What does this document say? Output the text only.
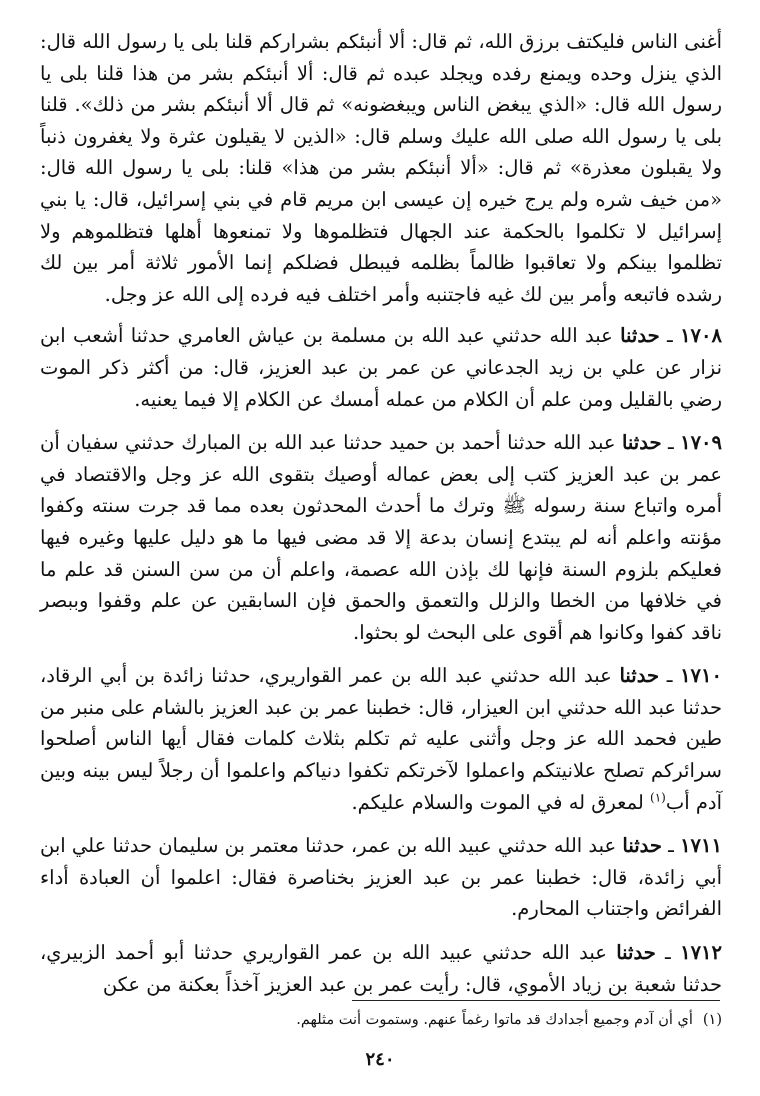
أغنى الناس فليكتف برزق الله، ثم قال: ألا أنبئكم بشراركم قلنا بلى يا رسول الله قال: الذي ينزل وحده ويمنع رفده ويجلد عبده ثم قال: ألا أنبئكم بشر من هذا قلنا بلى يا رسول الله قال: «الذي يبغض الناس ويبغضونه» ثم قال ألا أنبئكم بشر من ذلك». قلنا بلى يا رسول الله صلى الله عليك وسلم قال: «الذين لا يقيلون عثرة ولا يغفرون ذنباً ولا يقبلون معذرة» ثم قال: «ألا أنبئكم بشر من هذا» قلنا: بلى يا رسول الله قال: «من خيف شره ولم يرج خيره إن عيسى ابن مريم قام في بني إسرائيل، قال: يا بني إسرائيل لا تكلموا بالحكمة عند الجهال فتظلموها ولا تمنعوها أهلها فتظلموهم ولا تظلموا بينكم ولا تعاقبوا ظالماً بظلمه فيبطل فضلكم إنما الأمور ثلاثة أمر بين لك رشده فاتبعه وأمر بين لك غيه فاجتنبه وأمر اختلف فيه فرده إلى الله عز وجل.

١٧٠٨ ـ حدثنا عبد الله حدثني عبد الله بن مسلمة بن عياش العامري حدثنا أشعب ابن نزار عن علي بن زيد الجدعاني عن عمر بن عبد العزيز، قال: من أكثر ذكر الموت رضي بالقليل ومن علم أن الكلام من عمله أمسك عن الكلام إلا فيما يعنيه.

١٧٠٩ ـ حدثنا عبد الله حدثنا أحمد بن حميد حدثنا عبد الله بن المبارك حدثني سفيان أن عمر بن عبد العزيز كتب إلى بعض عماله أوصيك بتقوى الله عز وجل والاقتصاد في أمره واتباع سنة رسوله ﷺ وترك ما أحدث المحدثون بعده مما قد جرت سنته وكفوا مؤنته واعلم أنه لم يبتدع إنسان بدعة إلا قد مضى فيها ما هو دليل عليها وغيره فيها فعليكم بلزوم السنة فإنها لك بإذن الله عصمة، واعلم أن من سن السنن قد علم ما في خلافها من الخطا والزلل والتعمق والحمق فإن السابقين عن علم وقفوا وببصر ناقد كفوا وكانوا هم أقوى على البحث لو بحثوا.

١٧١٠ ـ حدثنا عبد الله حدثني عبد الله بن عمر القواريري، حدثنا زائدة بن أبي الرقاد، حدثنا عبد الله حدثني ابن العيزار، قال: خطبنا عمر بن عبد العزيز بالشام على منبر من طين فحمد الله عز وجل وأثنى عليه ثم تكلم بثلاث كلمات فقال أيها الناس أصلحوا سرائركم تصلح علانيتكم واعملوا لآخرتكم تكفوا دنياكم واعلموا أن رجلاً ليس بينه وبين آدم أب$^{(١)}$ لمعرق له في الموت والسلام عليكم.

١٧١١ ـ حدثنا عبد الله حدثني عبيد الله بن عمر، حدثنا معتمر بن سليمان حدثنا علي ابن أبي زائدة، قال: خطبنا عمر بن عبد العزيز بخناصرة فقال: اعلموا أن العبادة أداء الفرائض واجتناب المحارم.

١٧١٢ ـ حدثنا عبد الله حدثني عبيد الله بن عمر القواريري حدثنا أبو أحمد الزبيري، حدثنا شعبة بن زياد الأموي، قال: رأيت عمر بن عبد العزيز آخذاً بعكنة من عكن

(١)أي أن آدم وجميع أجدادك قد ماتوا رغماً عنهم. وستموت أنت مثلهم.
٢٤٠
